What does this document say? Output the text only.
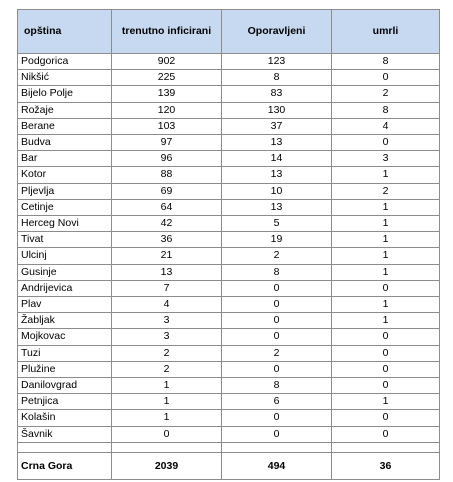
opština	trenutno inficirani	Oporavljeni	umrli
Podgorica	902	123	8
Nikšić	225	8	0
Bijelo Polje	139	83	2
Rožaje	120	130	8
Berane	103	37	4
Budva	97	13	0
Bar	96	14	3
Kotor	88	13	1
Pljevlja	69	10	2
Cetinje	64	13	1
Herceg Novi	42	5	1
Tivat	36	19	1
Ulcinj	21	2	1
Gusinje	13	8	1
Andrijevica	7	0	0
Plav	4	0	1
Žabljak	3	0	1
Mojkovac	3	0	0
Tuzi	2	2	0
Plužine	2	0	0
Danilovgrad	1	8	0
Petnjica	1	6	1
Kolašin	1	0	0
Šavnik	0	0	0

Crna Gora	2039	494	36
